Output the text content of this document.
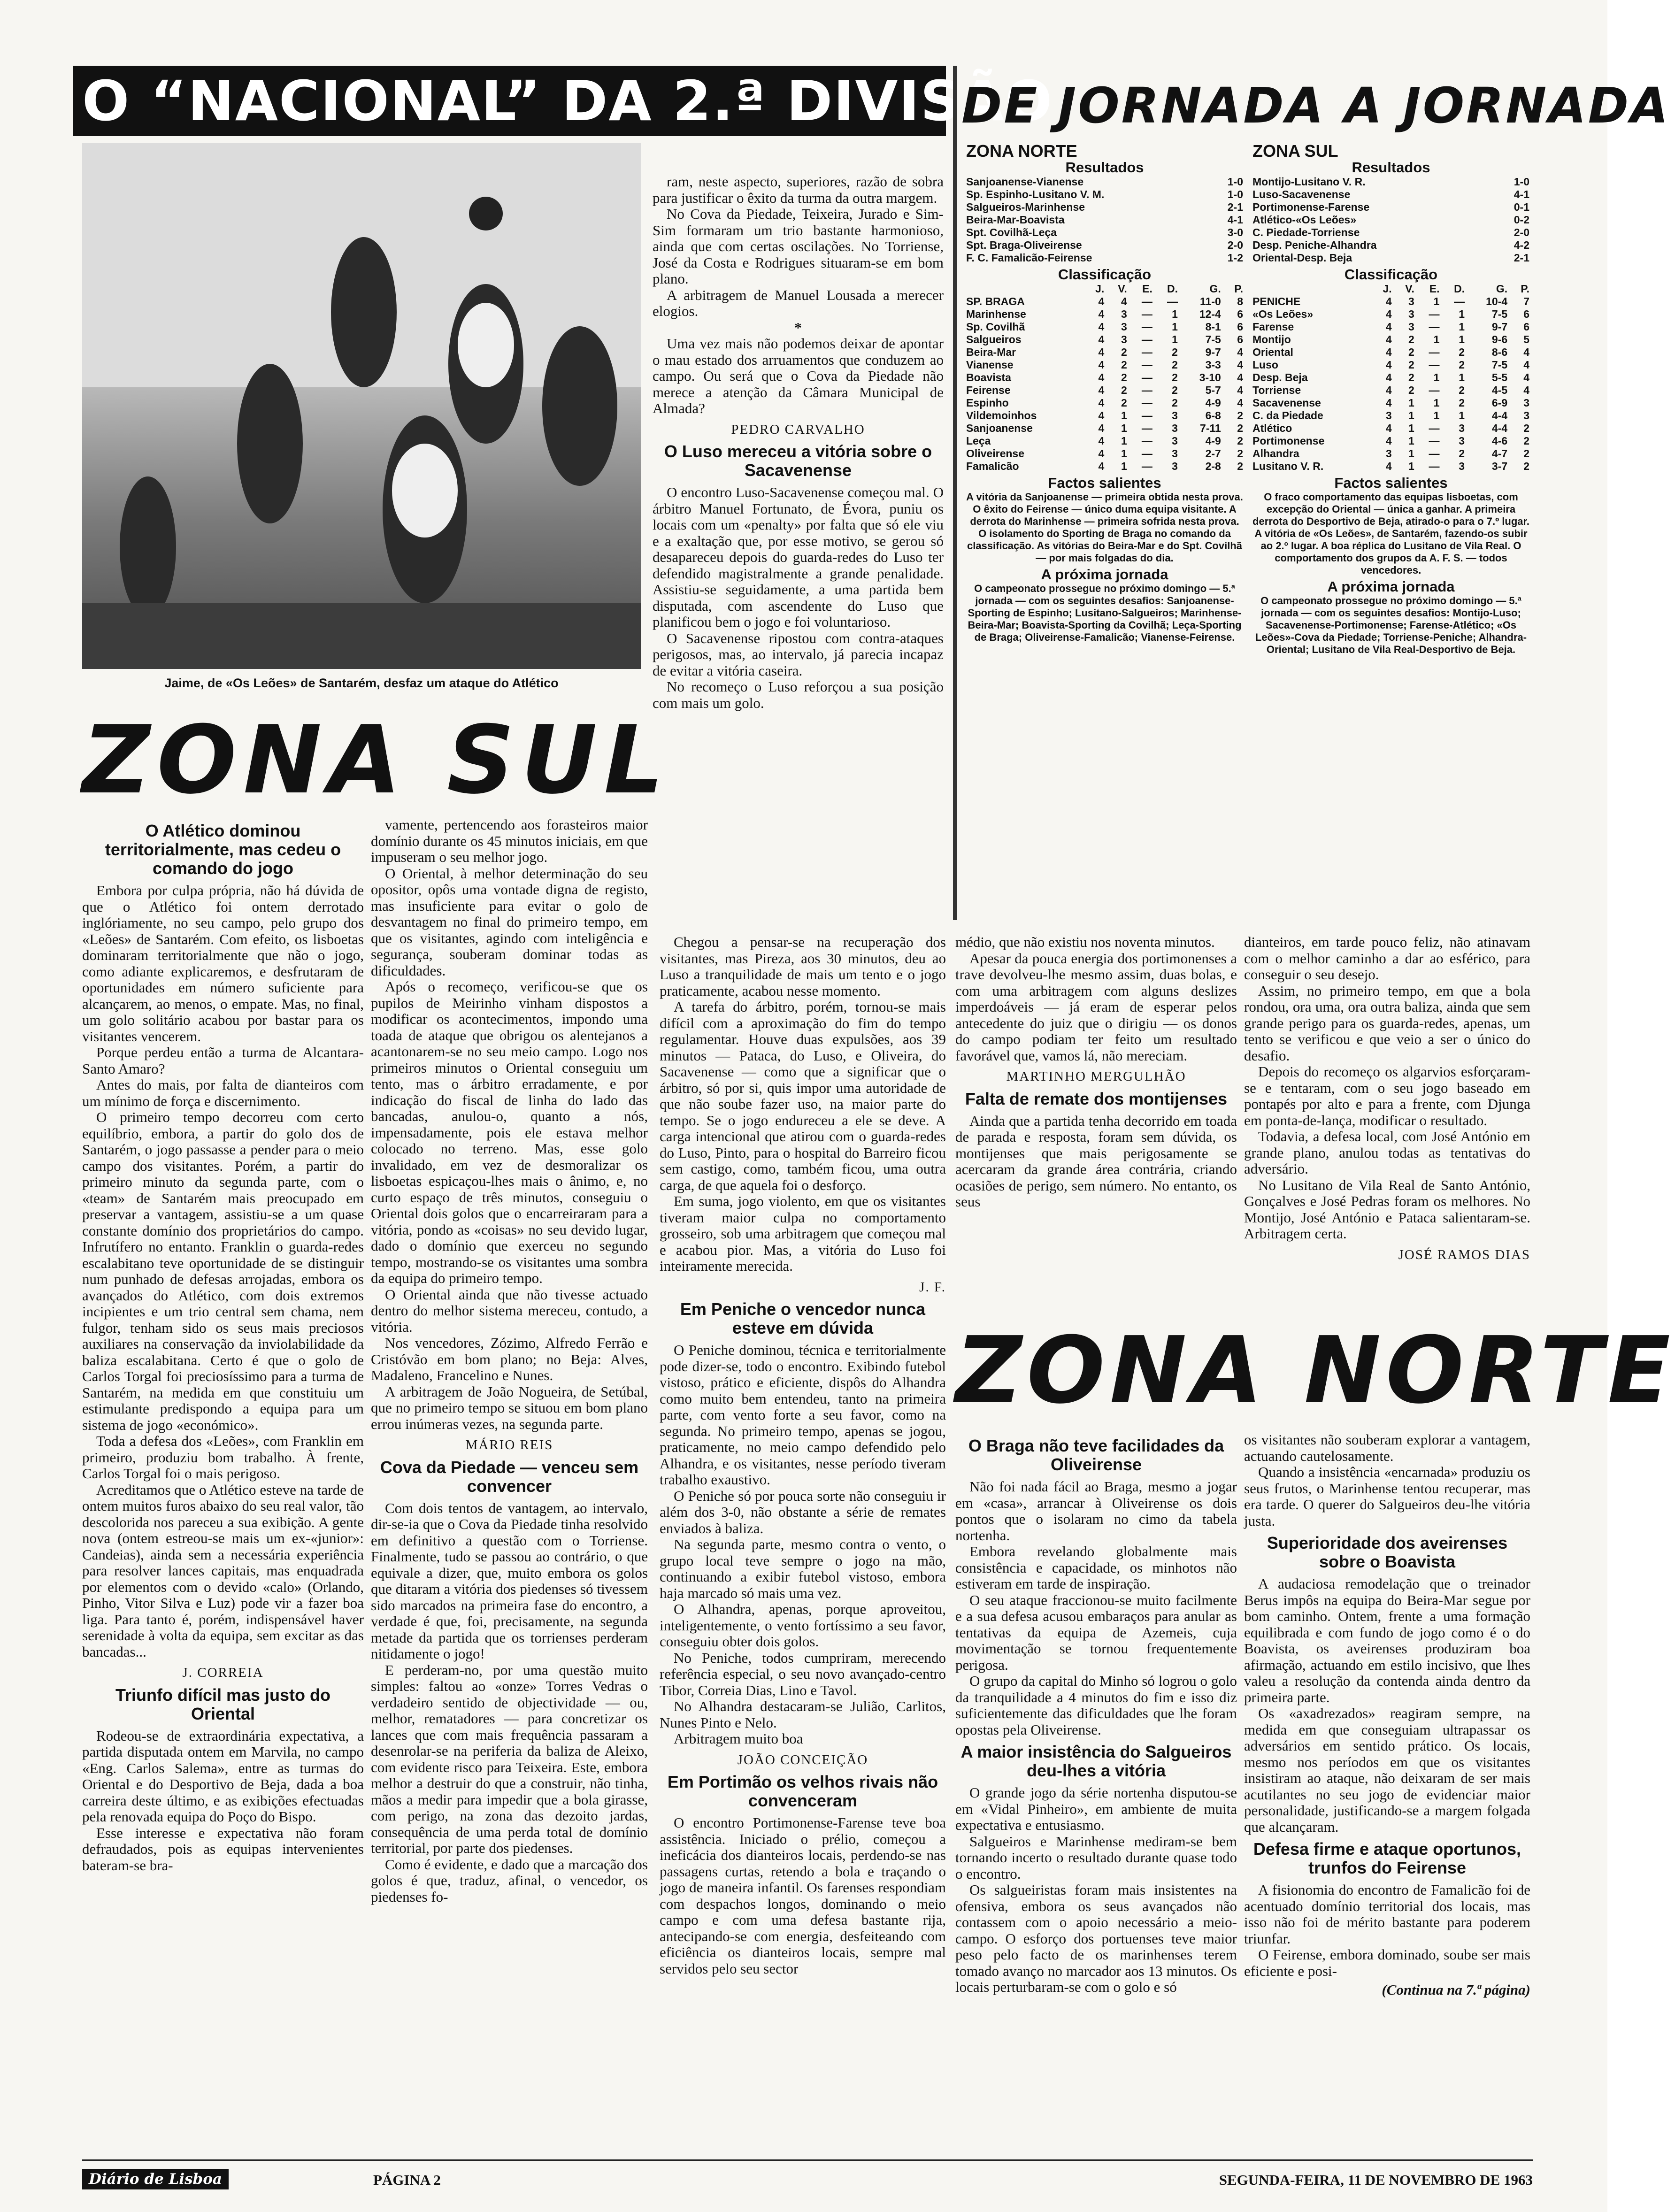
O “NACIONAL” DA 2.ª DIVISÃO
Jaime, de «Os Leões» de Santarém, desfaz um ataque do Atlético

ram, neste aspecto, superiores, razão de sobra para justificar o êxito da turma da outra margem.

No Cova da Piedade, Teixeira, Jurado e Sim-Sim formaram um trio bastante harmonioso, ainda que com certas oscilações. No Torriense, José da Costa e Rodrigues situaram-se em bom plano.

A arbitragem de Manuel Lousada a merecer elogios.

*

Uma vez mais não podemos deixar de apontar o mau estado dos arruamentos que conduzem ao campo. Ou será que o Cova da Piedade não merece a atenção da Câmara Municipal de Almada?

PEDRO CARVALHO
O Luso mereceu a vitória sobre o Sacavenense

O encontro Luso-Sacavenense começou mal. O árbitro Manuel Fortunato, de Évora, puniu os locais com um «penalty» por falta que só ele viu e a exaltação que, por esse motivo, se gerou só desapareceu depois do guarda-redes do Luso ter defendido magistralmente a grande penalidade. Assistiu-se seguidamente, a uma partida bem disputada, com ascendente do Luso que planificou bem o jogo e foi voluntarioso.

O Sacavenense ripostou com contra-ataques perigosos, mas, ao intervalo, já parecia incapaz de evitar a vitória caseira.

No recomeço o Luso reforçou a sua posição com mais um golo.

ZONA SUL
O Atlético dominou territorialmente, mas cedeu o comando do jogo

Embora por culpa própria, não há dúvida de que o Atlético foi ontem derrotado inglóriamente, no seu campo, pelo grupo dos «Leões» de Santarém. Com efeito, os lisboetas dominaram territorialmente que não o jogo, como adiante explicaremos, e desfrutaram de oportunidades em número suficiente para alcançarem, ao menos, o empate. Mas, no final, um golo solitário acabou por bastar para os visitantes vencerem.

Porque perdeu então a turma de Alcantara-Santo Amaro?

Antes do mais, por falta de dianteiros com um mínimo de força e discernimento.

O primeiro tempo decorreu com certo equilíbrio, embora, a partir do golo dos de Santarém, o jogo passasse a pender para o meio campo dos visitantes. Porém, a partir do primeiro minuto da segunda parte, com o «team» de Santarém mais preocupado em preservar a vantagem, assistiu-se a um quase constante domínio dos proprietários do campo. Infrutífero no entanto. Franklin o guarda-redes escalabitano teve oportunidade de se distinguir num punhado de defesas arrojadas, embora os avançados do Atlético, com dois extremos incipientes e um trio central sem chama, nem fulgor, tenham sido os seus mais preciosos auxiliares na conservação da inviolabilidade da baliza escalabitana. Certo é que o golo de Carlos Torgal foi preciosíssimo para a turma de Santarém, na medida em que constituiu um estimulante predispondo a equipa para um sistema de jogo «económico».

Toda a defesa dos «Leões», com Franklin em primeiro, produziu bom trabalho. À frente, Carlos Torgal foi o mais perigoso.

Acreditamos que o Atlético esteve na tarde de ontem muitos furos abaixo do seu real valor, tão descolorida nos pareceu a sua exibição. A gente nova (ontem estreou-se mais um ex-«junior»: Candeias), ainda sem a necessária experiência para resolver lances capitais, mas enquadrada por elementos com o devido «calo» (Orlando, Pinho, Vitor Silva e Luz) pode vir a fazer boa liga. Para tanto é, porém, indispensável haver serenidade à volta da equipa, sem excitar as das bancadas...

J. CORREIA
Triunfo difícil mas justo do Oriental

Rodeou-se de extraordinária expectativa, a partida disputada ontem em Marvila, no campo «Eng. Carlos Salema», entre as turmas do Oriental e do Desportivo de Beja, dada a boa carreira deste último, e as exibições efectuadas pela renovada equipa do Poço do Bispo.

Esse interesse e expectativa não foram defraudados, pois as equipas intervenientes bateram-se bra-

vamente, pertencendo aos forasteiros maior domínio durante os 45 minutos iniciais, em que impuseram o seu melhor jogo.

O Oriental, à melhor determinação do seu opositor, opôs uma vontade digna de registo, mas insuficiente para evitar o golo de desvantagem no final do primeiro tempo, em que os visitantes, agindo com inteligência e segurança, souberam dominar todas as dificuldades.

Após o recomeço, verificou-se que os pupilos de Meirinho vinham dispostos a modificar os acontecimentos, impondo uma toada de ataque que obrigou os alentejanos a acantonarem-se no seu meio campo. Logo nos primeiros minutos o Oriental conseguiu um tento, mas o árbitro erradamente, e por indicação do fiscal de linha do lado das bancadas, anulou-o, quanto a nós, impensadamente, pois ele estava melhor colocado no terreno. Mas, esse golo invalidado, em vez de desmoralizar os lisboetas espicaçou-lhes mais o ânimo, e, no curto espaço de três minutos, conseguiu o Oriental dois golos que o encarreiraram para a vitória, pondo as «coisas» no seu devido lugar, dado o domínio que exerceu no segundo tempo, mostrando-se os visitantes uma sombra da equipa do primeiro tempo.

O Oriental ainda que não tivesse actuado dentro do melhor sistema mereceu, contudo, a vitória.

Nos vencedores, Zózimo, Alfredo Ferrão e Cristóvão em bom plano; no Beja: Alves, Madaleno, Francelino e Nunes.

A arbitragem de João Nogueira, de Setúbal, que no primeiro tempo se situou em bom plano errou inúmeras vezes, na segunda parte.

MÁRIO REIS
Cova da Piedade — venceu sem convencer

Com dois tentos de vantagem, ao intervalo, dir-se-ia que o Cova da Piedade tinha resolvido em definitivo a questão com o Torriense. Finalmente, tudo se passou ao contrário, o que equivale a dizer, que, muito embora os golos que ditaram a vitória dos piedenses só tivessem sido marcados na primeira fase do encontro, a verdade é que, foi, precisamente, na segunda metade da partida que os torrienses perderam nitidamente o jogo!

E perderam-no, por uma questão muito simples: faltou ao «onze» Torres Vedras o verdadeiro sentido de objectividade — ou, melhor, rematadores — para concretizar os lances que com mais frequência passaram a desenrolar-se na periferia da baliza de Aleixo, com evidente risco para Teixeira. Este, embora melhor a destruir do que a construir, não tinha, mãos a medir para impedir que a bola girasse, com perigo, na zona das dezoito jardas, consequência de uma perda total de domínio territorial, por parte dos piedenses.

Como é evidente, e dado que a marcação dos golos é que, traduz, afinal, o vencedor, os piedenses fo-

Chegou a pensar-se na recuperação dos visitantes, mas Pireza, aos 30 minutos, deu ao Luso a tranquilidade de mais um tento e o jogo praticamente, acabou nesse momento.

A tarefa do árbitro, porém, tornou-se mais difícil com a aproximação do fim do tempo regulamentar. Houve duas expulsões, aos 39 minutos — Pataca, do Luso, e Oliveira, do Sacavenense — como que a significar que o árbitro, só por si, quis impor uma autoridade de que não soube fazer uso, na maior parte do tempo. Se o jogo endureceu a ele se deve. A carga intencional que atirou com o guarda-redes do Luso, Pinto, para o hospital do Barreiro ficou sem castigo, como, também ficou, uma outra carga, de que aquela foi o desforço.

Em suma, jogo violento, em que os visitantes tiveram maior culpa no comportamento grosseiro, sob uma arbitragem que começou mal e acabou pior. Mas, a vitória do Luso foi inteiramente merecida.

J. F.
Em Peniche o vencedor nunca esteve em dúvida

O Peniche dominou, técnica e territorialmente pode dizer-se, todo o encontro. Exibindo futebol vistoso, prático e eficiente, dispôs do Alhandra como muito bem entendeu, tanto na primeira parte, com vento forte a seu favor, como na segunda. No primeiro tempo, apenas se jogou, praticamente, no meio campo defendido pelo Alhandra, e os visitantes, nesse período tiveram trabalho exaustivo.

O Peniche só por pouca sorte não conseguiu ir além dos 3-0, não obstante a série de remates enviados à baliza.

Na segunda parte, mesmo contra o vento, o grupo local teve sempre o jogo na mão, continuando a exibir futebol vistoso, embora haja marcado só mais uma vez.

O Alhandra, apenas, porque aproveitou, inteligentemente, o vento fortíssimo a seu favor, conseguiu obter dois golos.

No Peniche, todos cumpriram, merecendo referência especial, o seu novo avançado-centro Tibor, Correia Dias, Lino e Tavol.

No Alhandra destacaram-se Julião, Carlitos, Nunes Pinto e Nelo.

Arbitragem muito boa

JOÃO CONCEIÇÃO
Em Portimão os velhos rivais não convenceram

O encontro Portimonense-Farense teve boa assistência. Iniciado o prélio, começou a ineficácia dos dianteiros locais, perdendo-se nas passagens curtas, retendo a bola e traçando o jogo de maneira infantil. Os farenses respondiam com despachos longos, dominando o meio campo e com uma defesa bastante rija, antecipando-se com energia, desfeiteando com eficiência os dianteiros locais, sempre mal servidos pelo seu sector

DE JORNADA A JORNADA
ZONA NORTE
Resultados
Sanjoanense-Vianense	1-0
Sp. Espinho-Lusitano V. M.	1-0
Salgueiros-Marinhense	2-1
Beira-Mar-Boavista	4-1
Spt. Covilhã-Leça	3-0
Spt. Braga-Oliveirense	2-0
F. C. Famalicão-Feirense	1-2
Classificação
	J.	V.	E.	D.	G.	P.
SP. BRAGA	4	4	—	—	11-0	8
Marinhense	4	3	—	1	12-4	6
Sp. Covilhã	4	3	—	1	8-1	6
Salgueiros	4	3	—	1	7-5	6
Beira-Mar	4	2	—	2	9-7	4
Vianense	4	2	—	2	3-3	4
Boavista	4	2	—	2	3-10	4
Feirense	4	2	—	2	5-7	4
Espinho	4	2	—	2	4-9	4
Vildemoinhos	4	1	—	3	6-8	2
Sanjoanense	4	1	—	3	7-11	2
Leça	4	1	—	3	4-9	2
Oliveirense	4	1	—	3	2-7	2
Famalicão	4	1	—	3	2-8	2
Factos salientes
A vitória da Sanjoanense — primeira obtida nesta prova. O êxito do Feirense — único duma equipa visitante. A derrota do Marinhense — primeira sofrida nesta prova. O isolamento do Sporting de Braga no comando da classificação. As vitórias do Beira-Mar e do Spt. Covilhã — por mais folgadas do dia.
A próxima jornada
O campeonato prossegue no próximo domingo — 5.ª jornada — com os seguintes desafios: Sanjoanense-Sporting de Espinho; Lusitano-Salgueiros; Marinhense-Beira-Mar; Boavista-Sporting da Covilhã; Leça-Sporting de Braga; Oliveirense-Famalicão; Vianense-Feirense.
ZONA SUL
Resultados
Montijo-Lusitano V. R.	1-0
Luso-Sacavenense	4-1
Portimonense-Farense	0-1
Atlético-«Os Leões»	0-2
C. Piedade-Torriense	2-0
Desp. Peniche-Alhandra	4-2
Oriental-Desp. Beja	2-1
Classificação
	J.	V.	E.	D.	G.	P.
PENICHE	4	3	1	—	10-4	7
«Os Leões»	4	3	—	1	7-5	6
Farense	4	3	—	1	9-7	6
Montijo	4	2	1	1	9-6	5
Oriental	4	2	—	2	8-6	4
Luso	4	2	—	2	7-5	4
Desp. Beja	4	2	1	1	5-5	4
Torriense	4	2	—	2	4-5	4
Sacavenense	4	1	1	2	6-9	3
C. da Piedade	3	1	1	1	4-4	3
Atlético	4	1	—	3	4-4	2
Portimonense	4	1	—	3	4-6	2
Alhandra	3	1	—	2	4-7	2
Lusitano V. R.	4	1	—	3	3-7	2
Factos salientes
O fraco comportamento das equipas lisboetas, com excepção do Oriental — única a ganhar. A primeira derrota do Desportivo de Beja, atirado-o para o 7.º lugar. A vitória de «Os Leões», de Santarém, fazendo-os subir ao 2.º lugar. A boa réplica do Lusitano de Vila Real. O comportamento dos grupos da A. F. S. — todos vencedores.
A próxima jornada
O campeonato prossegue no próximo domingo — 5.ª jornada — com os seguintes desafios: Montijo-Luso; Sacavenense-Portimonense; Farense-Atlético; «Os Leões»-Cova da Piedade; Torriense-Peniche; Alhandra-Oriental; Lusitano de Vila Real-Desportivo de Beja.

médio, que não existiu nos noventa minutos.

Apesar da pouca energia dos portimonenses a trave devolveu-lhe mesmo assim, duas bolas, e com uma arbitragem com alguns deslizes imperdoáveis — já eram de esperar pelos antecedente do juiz que o dirigiu — os donos do campo podiam ter feito um resultado favorável que, vamos lá, não mereciam.

MARTINHO MERGULHÃO
Falta de remate dos montijenses

Ainda que a partida tenha decorrido em toada de parada e resposta, foram sem dúvida, os montijenses que mais perigosamente se acercaram da grande área contrária, criando ocasiões de perigo, sem número. No entanto, os seus

dianteiros, em tarde pouco feliz, não atinavam com o melhor caminho a dar ao esférico, para conseguir o seu desejo.

Assim, no primeiro tempo, em que a bola rondou, ora uma, ora outra baliza, ainda que sem grande perigo para os guarda-redes, apenas, um tento se verificou e que veio a ser o único do desafio.

Depois do recomeço os algarvios esforçaram-se e tentaram, com o seu jogo baseado em pontapés por alto e para a frente, com Djunga em ponta-de-lança, modificar o resultado.

Todavia, a defesa local, com José António em grande plano, anulou todas as tentativas do adversário.

No Lusitano de Vila Real de Santo António, Gonçalves e José Pedras foram os melhores. No Montijo, José António e Pataca salientaram-se. Arbitragem certa.

JOSÉ RAMOS DIAS
ZONA NORTE
O Braga não teve facilidades da Oliveirense

Não foi nada fácil ao Braga, mesmo a jogar em «casa», arrancar à Oliveirense os dois pontos que o isolaram no cimo da tabela nortenha.

Embora revelando globalmente mais consistência e capacidade, os minhotos não estiveram em tarde de inspiração.

O seu ataque fraccionou-se muito facilmente e a sua defesa acusou embaraços para anular as tentativas da equipa de Azemeis, cuja movimentação se tornou frequentemente perigosa.

O grupo da capital do Minho só logrou o golo da tranquilidade a 4 minutos do fim e isso diz suficientemente das dificuldades que lhe foram opostas pela Oliveirense.

A maior insistência do Salgueiros deu-lhes a vitória

O grande jogo da série nortenha disputou-se em «Vidal Pinheiro», em ambiente de muita expectativa e entusiasmo.

Salgueiros e Marinhense mediram-se bem tornando incerto o resultado durante quase todo o encontro.

Os salgueiristas foram mais insistentes na ofensiva, embora os seus avançados não contassem com o apoio necessário a meio-campo. O esforço dos portuenses teve maior peso pelo facto de os marinhenses terem tomado avanço no marcador aos 13 minutos. Os locais perturbaram-se com o golo e só

os visitantes não souberam explorar a vantagem, actuando cautelosamente.

Quando a insistência «encarnada» produziu os seus frutos, o Marinhense tentou recuperar, mas era tarde. O querer do Salgueiros deu-lhe vitória justa.

Superioridade dos aveirenses sobre o Boavista

A audaciosa remodelação que o treinador Berus impôs na equipa do Beira-Mar segue por bom caminho. Ontem, frente a uma formação equilibrada e com fundo de jogo como é o do Boavista, os aveirenses produziram boa afirmação, actuando em estilo incisivo, que lhes valeu a resolução da contenda ainda dentro da primeira parte.

Os «axadrezados» reagiram sempre, na medida em que conseguiam ultrapassar os adversários em sentido prático. Os locais, mesmo nos períodos em que os visitantes insistiram ao ataque, não deixaram de ser mais acutilantes no seu jogo de evidenciar maior personalidade, justificando-se a margem folgada que alcançaram.

Defesa firme e ataque oportunos, trunfos do Feirense

A fisionomia do encontro de Famalicão foi de acentuado domínio territorial dos locais, mas isso não foi de mérito bastante para poderem triunfar.

O Feirense, embora dominado, soube ser mais eficiente e posi-

(Continua na 7.ª página)
Diário de Lisboa	PÁGINA 2	SEGUNDA-FEIRA, 11 DE NOVEMBRO DE 1963
